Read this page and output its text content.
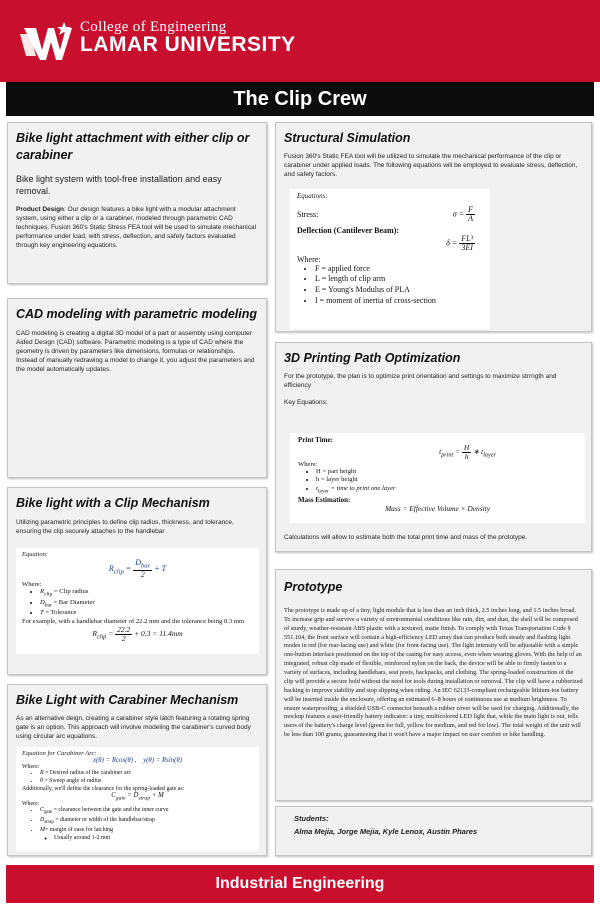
College of Engineering
LAMAR UNIVERSITY
The Clip Crew
Bike light attachment with either clip or carabiner
Bike light system with tool-free installation and easy removal.
Product Design: Our design features a bike light with a modular attachment system, using either a clip or a carabiner, modeled through parametric CAD techniques. Fusion 360's Static Stress FEA tool will be used to simulate mechanical performance under load, with stress, deflection, and safety factors evaluated through key engineering equations.
CAD modeling with parametric modeling
CAD modeling is creating a digital 3D model of a part or assembly using computer Aided Design (CAD) software. Parametric modeling is a type of CAD where the geometry is driven by parameters like dimensions, formulas or relationships. Instead of manually redrawing a model to change it, you adjust the parameters and the model automatically updates.
Bike light with a Clip Mechanism
Utilizing parametric principles to define clip radius, thickness, and tolerance, ensuring the clip securely attaches to the handlebar
Equation:
$R_{clip} = \frac{D_{bar}}{2} + T$
Where:
• $R_{clip}$ = Clip radius
• $D_{bar}$ = Bar Diameter
• T = Tolerance
For example, with a handlebar diameter of 22.2 mm and the tolerance being 0.3 mm
$R_{clip} = \frac{22.2}{2} + 0.3 = 11.4mm$
Bike Light with Carabiner Mechanism
As an alternative deign, creating a carabiner style latch featuring a rotating spring gate is an option. This approach will involve modeling the carabiner's curved body using circular arc equations.
Equation for Carabiner Arc:
x(θ) = Rcos(θ) , y(θ) = Rsin(θ)
Where:
• R = Desired radius of the carabiner arc
• θ = Sweep angle of radius
Additionally, we'll define the clearance for the spring-loaded gate as:
$C_{gate} = D_{strap} + M$
Where:
• $C_{gate}$ = clearance between the gate and the inner curve
• $D_{strap}$ = diameter or width of the handlebar/strap
• M= margin of ease for latching
◦ Usually around 1-2 mm
Structural Simulation
Fusion 360's Static FEA tool will be utilized to simulate the mechanical performance of the clip or carabiner under applied loads. The following equations will be employed to evaluate stress, deflection, and safety factors.
Equations:
Stress:	$\sigma = \frac{F}{A}$
Deflection (Cantilever Beam):
$\delta = \frac{\text{FL³}}{3EI}$
Where:
• F = applied force
• L = length of clip arm
• E = Young's Modulus of PLA
• I = moment of inertia of cross-section
3D Printing Path Optimization
For the prototype, the plan is to optimize print orientation and settings to maximize strrngth and efficiency
Key Equations:
Print Time:
$t_{print} = \frac{H}{h}$ ∗ $t_{layer}$
Where:
• H = part height
• h = layer height
• $t_{layer}$ = time to print one layer
Mass Estimation:
Mass = Effective Volume × Density
Calculations will allow to estimate both the total print time and mass of the prototype.
Prototype
The prototype is made up of a tiny, light module that is less than an inch thick, 2.5 inches long, and 1.5 inches broad. To increase grip and survive a variety of environmental conditions like rain, dirt, and dust, the shell will be composed of sturdy, weather-resistant ABS plastic with a textured, matte finish. To comply with Texas Transportation Code § 551.104, the front surface will contain a high-efficiency LED array that can produce both steady and flashing light modes in red (for rear-facing use) and white (for front-facing use). The light intensity will be adjustable with a simple one-button interface positioned on the top of the casing for easy access, even when wearing gloves. With the help of an integrated, robust clip made of flexible, reinforced nylon on the back, the device will be able to firmly fasten to a variety of surfaces, including handlebars, seat posts, backpacks, and clothing. The spring-loaded construction of the clip will provide a secure hold without the need for tools during installation or removal. The clip will have a rubberized backing to improve stability and stop slipping when riding. An IEC 62133-compliant rechargeable lithium-ion battery will be inserted inside the enclosure, offering an estimated 6–8 hours of continuous use at medium brightness. To ensure waterproofing, a shielded USB-C connector beneath a rubber cover will be used for charging. Additionally, the mockup features a user-friendly battery indicator: a tiny, multicolored LED light that, while the main light is out, tells users of the battery's charge level (green for full, yellow for medium, and red for low). The total weight of the unit will be less than 100 grams, guaranteeing that it won't have a major impact on user comfort or bike handling.
Students:
Alma Mejia, Jorge Mejia, Kyle Lenox, Austin Phares
Industrial Engineering
